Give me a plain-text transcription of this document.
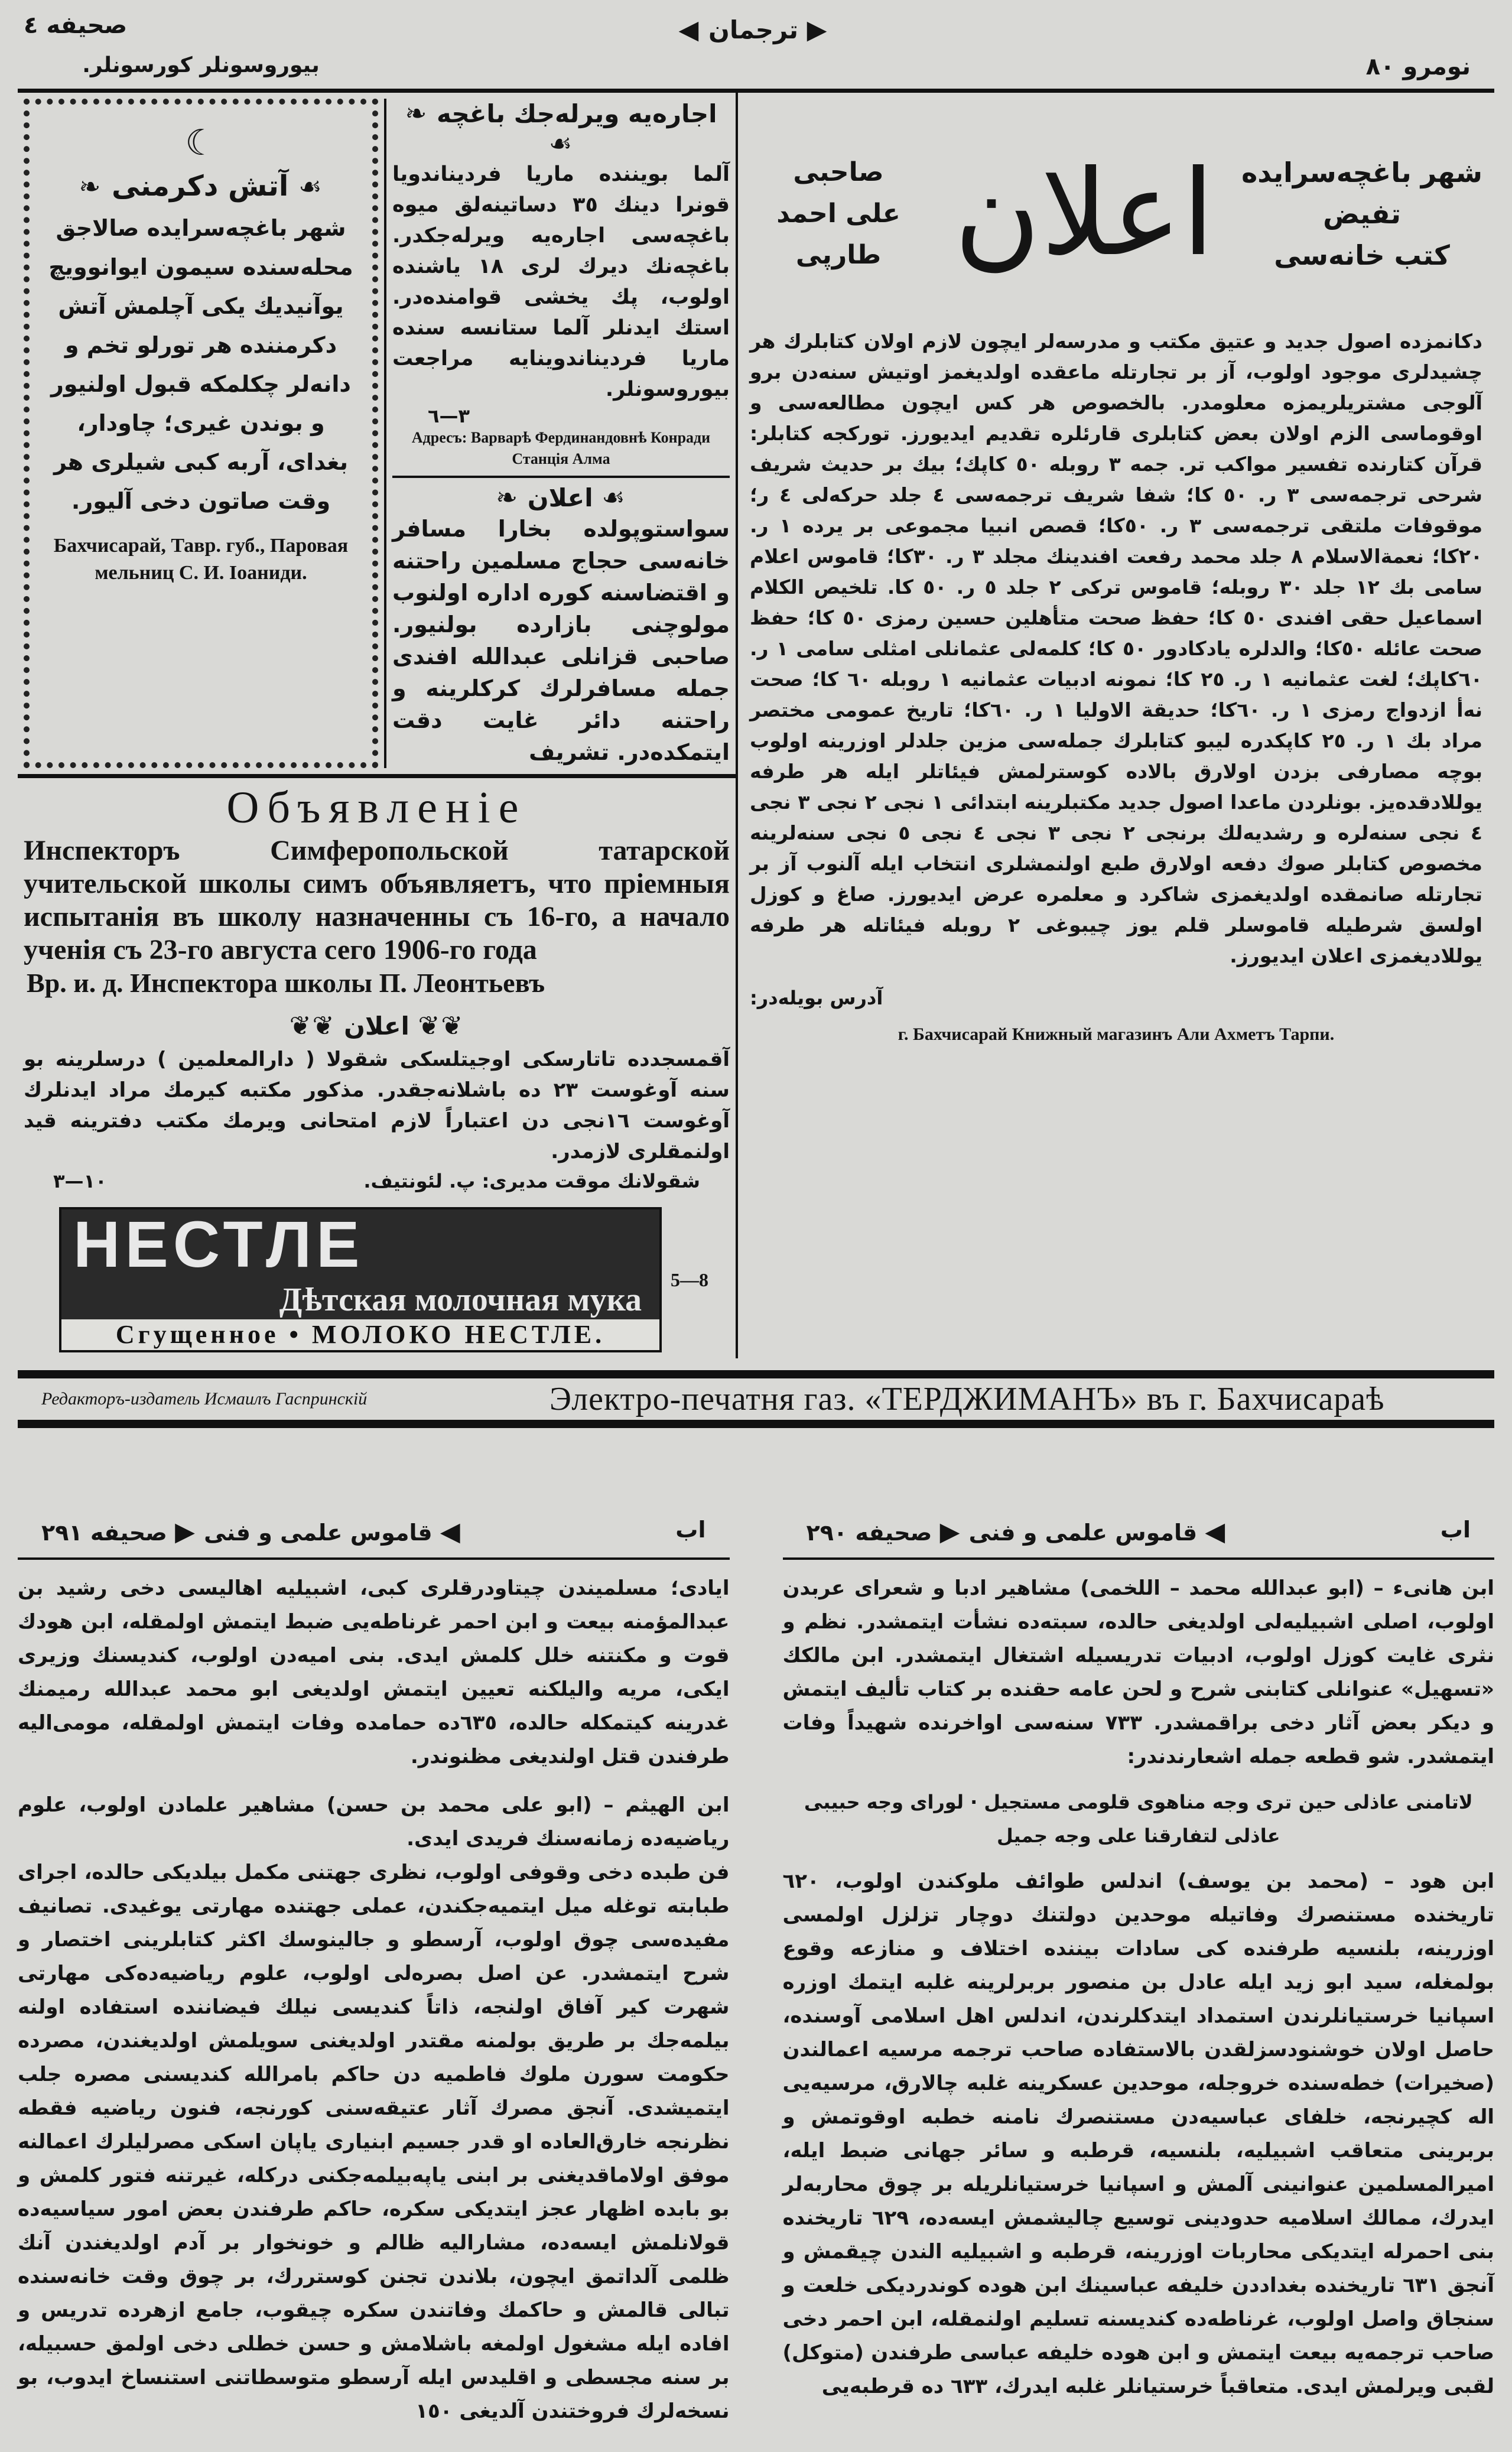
صحیفه ٤
بيوروسونلر كورسونلر.
◀ ترجمان ▶
نومرو ٨٠
☾
❧ آتش دكرمنی ☙
شهر باغچه‌سرایده صالاجق محله‌سنده سیمون ایوانوویچ یوآنیدیك یكی آچلمش آتش دكرمننده هر تورلو تخم و دانه‌لر چكلمكه قبول اولنیور و بوندن غیری؛ چاودار، بغدای، آربه كبی شیلری هر وقت صاتون دخی آلیور.
Бахчисарай, Тавр. губ., Паровая мельниц С. И. Іоаниди.
❧ اجاره‌یه ویرله‌جك باغچه ☙
آلما بویننده ماریا فردیناندویا قونرا دینك ٣٥ دساتینه‌لق میوه باغچه‌سی اجاره‌یه ویرله‌جكدر. باغچه‌نك دیرك لری ١٨ یاشنده اولوب، پك یخشی قوامنده‌در. استك ایدنلر آلما ستانسه سنده ماریا فردیناندوینایه مراجعت بیوروسونلر.
٣—٦
Адресъ: Варварѣ Фердинандовнѣ Конради Станція Алма
❧ اعلان ☙
سواستوپولده بخارا مسافر خانه‌سی حجاج مسلمین راحتنه و اقتضاسنه كوره اداره اولنوب مولوچنی بازارده بولنیور. صاحبی قزانلی عبدالله افندی جمله مسافرلرك كركلرینه و راحتنه دائر غایت دقت ایتمكده‌در. تشریف
Объявленіе
Инспекторъ Симферопольской татарской учительской школы симъ объявляетъ, что пріемныя испытанія въ школу назначенны съ 16-го, а начало ученія съ 23-го августа сего 1906-го года
Вр. и. д. Инспектора школы П. Леонтьевъ
❦❦ اعلان ❦❦
آقمسجدده تاتارسكی اوجیتلسكی شقولا ( دارالمعلمین ) درسلرینه بو سنه آوغوست ٢٣ ده باشلانه‌جقدر. مذكور مكتبه كیرمك مراد ایدنلرك آوغوست ١٦نجی دن اعتباراً لازم امتحانی ویرمك مكتب دفترینه قید اولنمقلری لازمدر.
شقولانك موقت مدیری: پ. لئونتیف.
١٠—٣
НЕСТЛЕ
Дѣтская молочная мука
Сгущенное • МОЛОКО НЕСТЛЕ.
5—8
صاحبی
علی احمد طارپی اعلان شهر باغچه‌سرایده
تفیض
كتب خانه‌سی
دكانمزده اصول جدید و عتیق مكتب و مدرسه‌لر ایچون لازم اولان كتابلرك هر چشیدلری موجود اولوب، آز بر تجارتله ماعقده اولدیغمز اوتیش سنه‌دن برو آلوجی مشتریلریمزه معلومدر. بالخصوص هر كس ایچون مطالعه‌سی و اوقوماسی الزم اولان بعض كتابلری قارئلره تقدیم ایدیورز. توركجه كتابلر: قرآن كتارنده تفسیر مواكب تر. جمه ٣ روبله ٥٠ كاپك؛ بیك بر حدیث شریف شرحی ترجمه‌سی ٣ ر. ٥٠ كا؛ شفا شریف ترجمه‌سی ٤ جلد حركه‌لی ٤ ر؛ موقوفات ملتقی ترجمه‌سی ٣ ر. ٥٠كا؛ قصص انبیا مجموعی بر یرده ١ ر. ٢٠كا؛ نعمة‌الاسلام ٨ جلد محمد رفعت افندینك مجلد ٣ ر. ٣٠كا؛ قاموس اعلام سامی بك ١٢ جلد ٣٠ روبله؛ قاموس تركی ٢ جلد ٥ ر. ٥٠ كا. تلخیص الكلام اسماعیل حقی افندی ٥٠ كا؛ حفظ صحت متأهلین حسین رمزی ٥٠ كا؛ حفظ صحت عائله ٥٠كا؛ والدلره یادكادور ٥٠ كا؛ كلمه‌لی عثمانلی امثلی سامی ١ ر. ٦٠كاپك؛ لغت عثمانیه ١ ر. ٢٥ كا؛ نمونه ادبیات عثمانیه ١ روبله ٦٠ كا؛ صحت نه‌أ ازدواج رمزی ١ ر. ٦٠كا؛ حدیقة الاولیا ١ ر. ٦٠كا؛ تاریخ عمومی مختصر مراد بك ١ ر. ٢٥ كاپكدره لیبو كتابلرك جمله‌سی مزین جلدلر اوزرینه اولوب بوچه مصارفی بزدن اولارق بالاده كوسترلمش فیئاتلر ایله هر طرفه یوللادقده‌یز. بونلردن ماعدا اصول جدید مكتبلرینه ابتدائی ١ نجی ٢ نجی ٣ نجی ٤ نجی سنه‌لره و رشدیه‌لك برنجی ٢ نجی ٣ نجی ٤ نجی ٥ نجی سنه‌لرینه مخصوص كتابلر صوك دفعه اولارق طبع اولنمشلری انتخاب ایله آلنوب آز بر تجارتله صانمقده اولدیغمزی شاكرد و معلمره عرض ایدیورز. صاغ و كوزل اولسق شرطیله قاموسلر قلم یوز چیبوغی ٢ روبله فیئاتله هر طرفه یوللادیغمزی اعلان ایدیورز.
آدرس بویله‌در:
г. Бахчисарай Книжный магазинъ Али Ахметъ Тарпи.
Редакторъ-издатель Исмаилъ Гаспринскій	Электро-печатня газ. «ТЕРДЖИМАНЪ» въ г. Бахчисараѣ
اب
◀ قاموس علمی و فنی ▶ صحیفه ٢٩١
ایادی؛ مسلمیندن چیتاودرقلری كبی، اشبیلیه اهالیسی دخی رشید بن عبدالمؤمنه بیعت و ابن احمر غرناطه‌یی ضبط ایتمش اولمقله، ابن هودك قوت و مكنتنه خلل كلمش ایدی. بنی امیه‌دن اولوب، كندیسنك وزیری ایكی، مریه والیلكنه تعیین ایتمش اولدیغی ابو محمد عبدالله رمیمنك غدرینه كیتمكله حالده، ٦٣٥ده حمامده وفات ایتمش اولمقله، مومی‌الیه طرفندن قتل اولندیغی مظنوندر.
ابن الهیثم – (ابو علی محمد بن حسن) مشاهیر علمادن اولوب، علوم ریاضیه‌ده زمانه‌سنك فریدی ایدی.
فن طبده دخی وقوفی اولوب، نظری جهتنی مكمل بیلدیكی حالده، اجرای طبابته توغله میل ایتمیه‌جكندن، عملی جهتنده مهارتی یوغیدی. تصانیف مفیده‌سی چوق اولوب، آرسطو و جالینوسك اكثر كتابلرینی اختصار و شرح ایتمشدر. عن اصل بصره‌لی اولوب، علوم ریاضیه‌ده‌كی مهارتی شهرت كیر آفاق اولنجه، ذاتاً كندیسی نیلك فیضاننده استفاده اولنه بیلمه‌جك بر طریق بولمنه مقتدر اولدیغنی سویلمش اولدیغندن، مصرده حكومت سورن ملوك فاطمیه دن حاكم بامرالله كندیسنی مصره جلب ایتمیشدی. آنجق مصرك آثار عتیقه‌سنی كورنجه، فنون ریاضیه فقطه نظرنجه خارق‌العاده او قدر جسیم ابنیاری یاپان اسكی مصرلیلرك اعمالنه موفق اولاماقدیغنی بر ابنی یاپه‌بیلمه‌جكنی دركله، غیرتنه فتور كلمش و بو بابده اظهار عجز ایتدیكی سكره، حاكم طرفندن بعض امور سیاسیه‌ده قولانلمش ایسه‌ده، مشارالیه ظالم و خونخوار بر آدم اولدیغندن آنك ظلمی آلداتمق ایچون، بلاندن تجنن كوستررك، بر چوق وقت خانه‌سنده تبالی قالمش و حاكمك وفاتندن سكره چیقوب، جامع ازهرده تدریس و افاده ایله مشغول اولمغه باشلامش و حسن خطلی دخی اولمق حسبیله، بر سنه مجسطی و اقلیدس ایله آرسطو متوسطاتنی استنساخ ایدوب، بو نسخه‌لرك فروختندن آلدیغی ١٥٠
اب
◀ قاموس علمی و فنی ▶ صحیفه ٢٩٠
ابن هانیء – (ابو عبدالله محمد – اللخمی) مشاهیر ادبا و شعرای عربدن اولوب، اصلی اشبیلیه‌لی اولدیغی حالده، سبته‌ده نشأت ایتمشدر. نظم و نثری غایت كوزل اولوب، ادبیات تدریسیله اشتغال ایتمشدر. ابن مالكك «تسهیل» عنوانلی كتابنی شرح و لحن عامه حقنده بر كتاب تألیف ایتمش و دیكر بعض آثار دخی براقمشدر. ٧٣٣ سنه‌سی اواخرنده شهیداً وفات ایتمشدر. شو قطعه جمله اشعارندندر:
لاتامنی عاذلی حین تری وجه مناهوی قلومی مستجیل · لورای وجه حبیبی عاذلی لتفارقنا علی وجه جمیل
ابن هود – (محمد بن یوسف) اندلس طوائف ملوكندن اولوب، ٦٢٠ تاریخنده مستنصرك وفاتیله موحدین دولتنك دوچار تزلزل اولمسی اوزرینه، بلنسیه طرفنده كی سادات بیننده اختلاف و منازعه وقوع بولمغله، سید ابو زید ایله عادل بن منصور بربرلرینه غلبه ایتمك اوزره اسپانیا خرستیانلرندن استمداد ایتدكلرندن، اندلس اهل اسلامی آوسنده، حاصل اولان خوشنودسزلقدن بالاستفاده صاحب ترجمه مرسیه اعمالندن (صخیرات) خطه‌سنده خروجله، موحدین عسكرینه غلبه چالارق، مرسیه‌یی اله كچیرنجه، خلفای عباسیه‌دن مستنصرك نامنه خطبه اوقوتمش و بربرینی متعاقب اشبیلیه، بلنسیه، قرطبه و سائر جهانی ضبط ایله، امیرالمسلمین عنوانینی آلمش و اسپانیا خرستیانلریله بر چوق محاربه‌لر ایدرك، ممالك اسلامیه حدودینی توسیع چالیشمش ایسه‌ده، ٦٢٩ تاریخنده بنی احمرله ایتدیكی محاربات اوزرینه، قرطبه و اشبیلیه الندن چیقمش و آنجق ٦٣١ تاریخنده بغداددن خلیفه عباسینك ابن هوده كوندردیكی خلعت و سنجاق واصل اولوب، غرناطه‌ده كندیسنه تسلیم اولنمقله، ابن احمر دخی صاحب ترجمه‌یه بیعت ایتمش و ابن هوده خلیفه عباسی طرفندن (متوكل) لقبی ویرلمش ایدی. متعاقباً خرستیانلر غلبه ایدرك، ٦٣٣ ده قرطبه‌یی
